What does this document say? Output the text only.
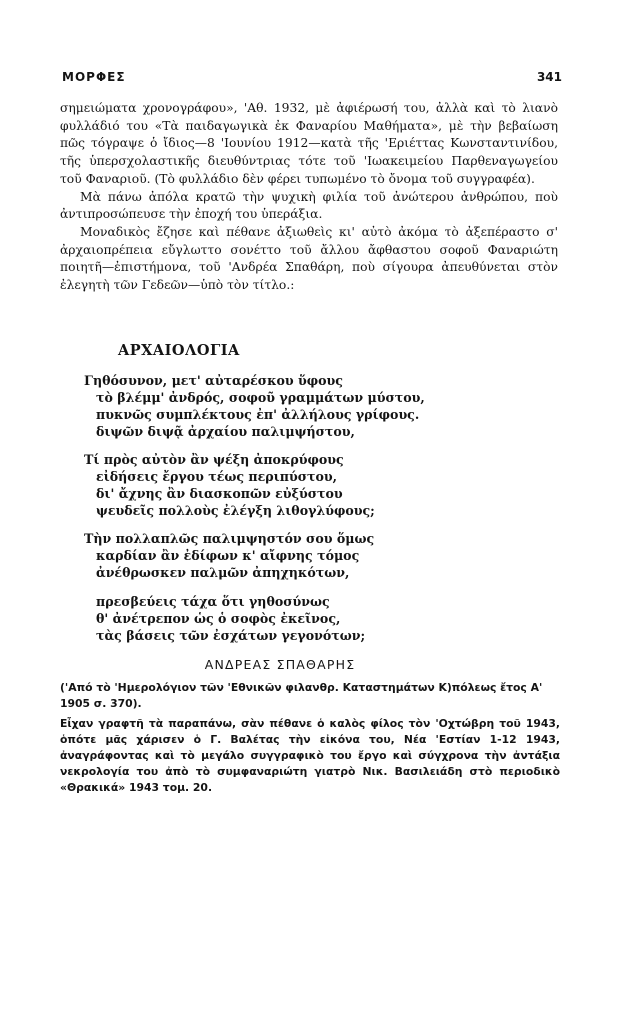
ΜΟΡΦΕΣ	341

σημειώματα χρονογράφου», 'Αθ. 1932, μὲ ἀφιέρωσή του, ἀλλὰ καὶ τὸ λιανὸ φυλλάδιό του «Τὰ παιδαγωγικὰ ἐκ Φαναρίου Μαθήματα», μὲ τὴν βεβαίωση πῶς τόγραψε ὁ ἴδιος—8 'Ιουνίου 1912—κατὰ τῆς 'Εριέττας Κωνσταντινίδου, τῆς ὑπερσχολαστικῆς διευθύντριας τότε τοῦ 'Ιωακειμείου Παρθεναγωγείου τοῦ Φαναριοῦ. (Τὸ φυλλάδιο δὲν φέρει τυπωμένο τὸ ὄνομα τοῦ συγγραφέα).

Μὰ πάνω ἀπόλα κρατῶ τὴν ψυχικὴ φιλία τοῦ ἀνώτερου ἀνθρώπου, ποὺ ἀντιπροσώπευσε τὴν ἐποχή του ὑπεράξια.

Μοναδικὸς ἔζησε καὶ πέθανε ἀξιωθεὶς κι' αὐτὸ ἀκόμα τὸ ἀξεπέραστο σ' ἀρχαιοπρέπεια εὔγλωττο σονέττο τοῦ ἄλλου ἄφθαστου σοφοῦ Φαναριώτη ποιητῆ—ἐπιστήμονα, τοῦ 'Ανδρέα Σπαθάρη, ποὺ σίγουρα ἀπευθύνεται στὸν ἐλεγητὴ τῶν Γεδεῶν—ὑπὸ τὸν τίτλο.:

ΑΡΧΑΙΟΛΟΓΙΑ
Γηθόσυνον, μετ' αὐταρέσκου ὕφους
τὸ βλέμμ' ἀνδρός, σοφοῦ γραμμάτων μύστου,
πυκνῶς συμπλέκτους ἐπ' ἀλλήλους γρίφους.
διψῶν διψᾷ ἀρχαίου παλιμψήστου,
Τί πρὸς αὐτὸν ἂν ψέξη ἀποκρύφους
εἰδήσεις ἔργου τέως περιπύστου,
δι' ἄχνης ἂν διασκοπῶν εὐξύστου
ψευδεῖς πολλοὺς ἐλέγξη λιθογλύφους;
Τὴν πολλαπλῶς παλιμψηστόν σου ὅμως
καρδίαν ἂν ἐδίφων κ' αἴφνης τόμος
ἀνέθρωσκεν παλμῶν ἀπηχηκότων,
πρεσβεύεις τάχα ὅτι γηθοσύνως
θ' ἀνέτρεπον ὡς ὁ σοφὸς ἐκεῖνος,
τὰς βάσεις τῶν ἐσχάτων γεγονότων;
ΑΝΔΡΕΑΣ ΣΠΑΘΑΡΗΣ
('Από τὸ 'Ημερολόγιον τῶν 'Εθνικῶν φιλανθρ. Καταστημάτων Κ)πόλεως ἔτος Α' 1905 σ. 370).
Εἶχαν γραφτῆ τὰ παραπάνω, σὰν πέθανε ὁ καλὸς φίλος τὸν 'Οχτώβρη τοῦ 1943, ὁπότε μᾶς χάρισεν ὁ Γ. Βαλέτας τὴν εἰκόνα του, Νέα 'Εστίαν 1-12 1943, ἀναγράφοντας καὶ τὸ μεγάλο συγγραφικὸ του ἔργο καὶ σύγχρονα τὴν ἀντάξια νεκρολογία του ἀπὸ τὸ συμφαναριώτη γιατρὸ Νικ. Βασιλειάδη στὸ περιοδικὸ «Θρακικά» 1943 τομ. 20.
